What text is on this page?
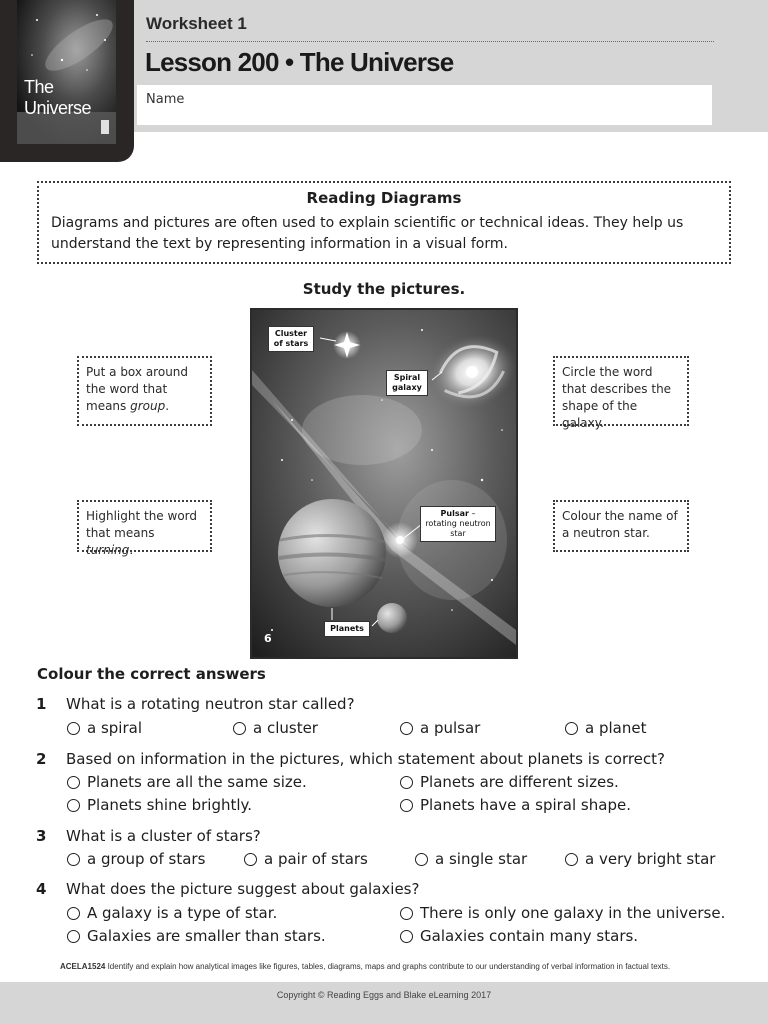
The
Universe
Worksheet 1
Lesson 200 • The Universe
Name
Reading Diagrams
Diagrams and pictures are often used to explain scientific or technical ideas. They help us understand the text by representing information in a visual form.
Study the pictures.
Put a box around the word that means group.
Highlight the word that means turning.
Circle the word that describes the shape of the galaxy.
Colour the name of a neutron star.
Cluster of stars
Spiral galaxy
Pulsar – rotating neutron star
Planets
6
Colour the correct answers
1 What is a rotating neutron star called?
a spiral	a cluster	a pulsar	a planet
2 Based on information in the pictures, which statement about planets is correct?
Planets are all the same size.	Planets are different sizes.
Planets shine brightly.	Planets have a spiral shape.
3 What is a cluster of stars?
a group of stars	a pair of stars	a single star	a very bright star
4 What does the picture suggest about galaxies?
A galaxy is a type of star.	There is only one galaxy in the universe.
Galaxies are smaller than stars.	Galaxies contain many stars.
ACELA1524 Identify and explain how analytical images like figures, tables, diagrams, maps and graphs contribute to our understanding of verbal information in factual texts.
Copyright © Reading Eggs and Blake eLearning 2017
